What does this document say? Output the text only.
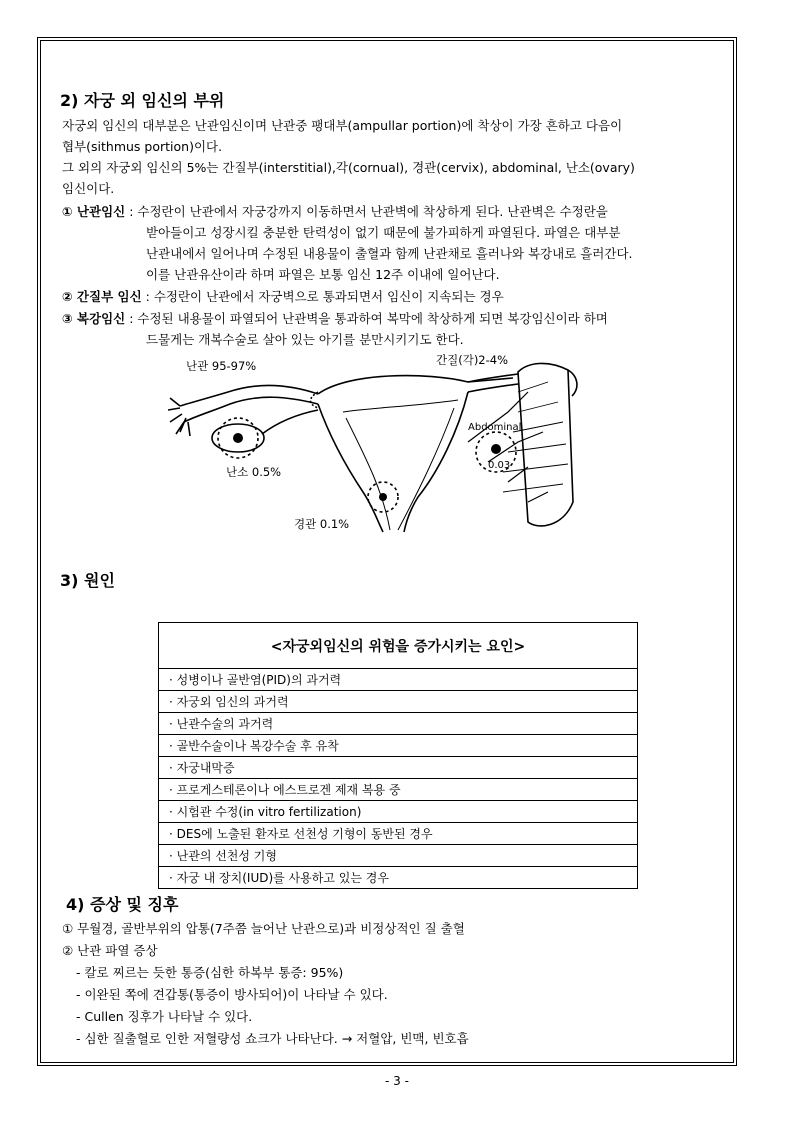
2) 자궁 외 임신의 부위
자궁외 임신의 대부분은 난관임신이며 난관중 팽대부(ampullar portion)에 착상이 가장 흔하고 다음이
협부(sithmus portion)이다.
그 외의 자궁외 임신의 5%는 간질부(interstitial),각(cornual), 경관(cervix), abdominal, 난소(ovary)
임신이다.
① 난관임신 : 수정란이 난관에서 자궁강까지 이동하면서 난관벽에 착상하게 된다. 난관벽은 수정란을
받아들이고 성장시킬 충분한 탄력성이 없기 때문에 불가피하게 파열된다. 파열은 대부분
난관내에서 일어나며 수정된 내용물이 출혈과 함께 난관채로 흘러나와 복강내로 흘러간다.
이를 난관유산이라 하며 파열은 보통 임신 12주 이내에 일어난다.
② 간질부 임신 : 수정란이 난관에서 자궁벽으로 통과되면서 임신이 지속되는 경우
③ 복강임신 : 수정된 내용물이 파열되어 난관벽을 통과하여 복막에 착상하게 되면 복강임신이라 하며
드물게는 개복수술로 살아 있는 아기를 분만시키기도 한다.
난관 95-97%	간질(각)2-4%
Abdominal
0.03
난소 0.5%
경관 0.1%
3) 원인
<자궁외임신의 위험을 증가시키는 요인>
· 성병이나 골반염(PID)의 과거력
· 자궁외 임신의 과거력
· 난관수술의 과거력
· 골반수술이나 복강수술 후 유착
· 자궁내막증
· 프로게스테론이나 에스트로겐 제재 복용 중
· 시험관 수정(in vitro fertilization)
· DES에 노출된 환자로 선천성 기형이 동반된 경우
· 난관의 선천성 기형
· 자궁 내 장치(IUD)를 사용하고 있는 경우
4) 증상 및 징후
① 무월경, 골반부위의 압통(7주쯤 늘어난 난관으로)과 비정상적인 질 출혈
② 난관 파열 증상
- 칼로 찌르는 듯한 통증(심한 하복부 통증: 95%)
- 이완된 쪽에 견갑통(통증이 방사되어)이 나타날 수 있다.
- Cullen 징후가 나타날 수 있다.
- 심한 질출혈로 인한 저혈량성 쇼크가 나타난다. → 저혈압, 빈맥, 빈호흡
- 3 -
